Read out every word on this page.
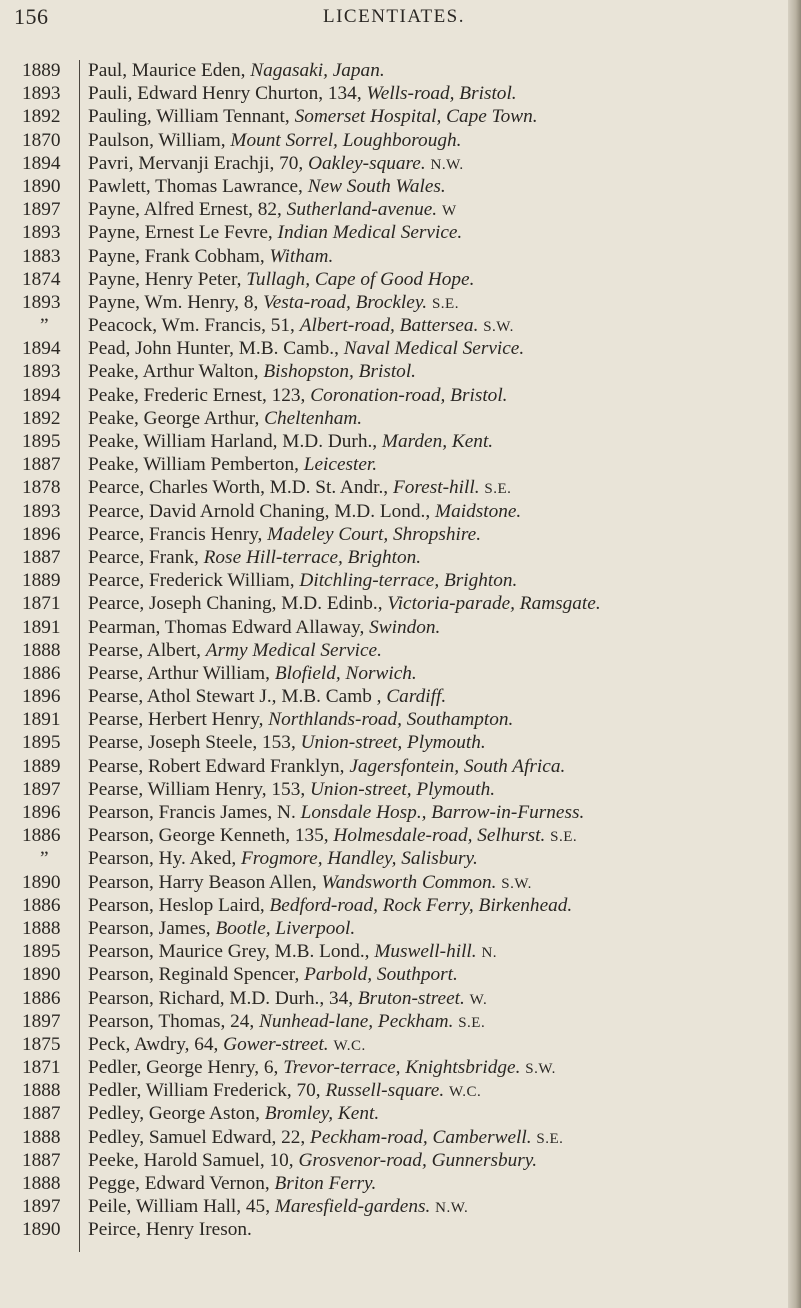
156	LICENTIATES.
1889	Paul, Maurice Eden, Nagasaki, Japan.
1893	Pauli, Edward Henry Churton, 134, Wells-road, Bristol.
1892	Pauling, William Tennant, Somerset Hospital, Cape Town.
1870	Paulson, William, Mount Sorrel, Loughborough.
1894	Pavri, Mervanji Erachji, 70, Oakley-square. N.W.
1890	Pawlett, Thomas Lawrance, New South Wales.
1897	Payne, Alfred Ernest, 82, Sutherland-avenue. W
1893	Payne, Ernest Le Fevre, Indian Medical Service.
1883	Payne, Frank Cobham, Witham.
1874	Payne, Henry Peter, Tullagh, Cape of Good Hope.
1893	Payne, Wm. Henry, 8, Vesta-road, Brockley. S.E.
”	Peacock, Wm. Francis, 51, Albert-road, Battersea. S.W.
1894	Pead, John Hunter, M.B. Camb., Naval Medical Service.
1893	Peake, Arthur Walton, Bishopston, Bristol.
1894	Peake, Frederic Ernest, 123, Coronation-road, Bristol.
1892	Peake, George Arthur, Cheltenham.
1895	Peake, William Harland, M.D. Durh., Marden, Kent.
1887	Peake, William Pemberton, Leicester.
1878	Pearce, Charles Worth, M.D. St. Andr., Forest-hill. S.E.
1893	Pearce, David Arnold Chaning, M.D. Lond., Maidstone.
1896	Pearce, Francis Henry, Madeley Court, Shropshire.
1887	Pearce, Frank, Rose Hill-terrace, Brighton.
1889	Pearce, Frederick William, Ditchling-terrace, Brighton.
1871	Pearce, Joseph Chaning, M.D. Edinb., Victoria-parade, Ramsgate.
1891	Pearman, Thomas Edward Allaway, Swindon.
1888	Pearse, Albert, Army Medical Service.
1886	Pearse, Arthur William, Blofield, Norwich.
1896	Pearse, Athol Stewart J., M.B. Camb , Cardiff.
1891	Pearse, Herbert Henry, Northlands-road, Southampton.
1895	Pearse, Joseph Steele, 153, Union-street, Plymouth.
1889	Pearse, Robert Edward Franklyn, Jagersfontein, South Africa.
1897	Pearse, William Henry, 153, Union-street, Plymouth.
1896	Pearson, Francis James, N. Lonsdale Hosp., Barrow-in-Furness.
1886	Pearson, George Kenneth, 135, Holmesdale-road, Selhurst. S.E.
”	Pearson, Hy. Aked, Frogmore, Handley, Salisbury.
1890	Pearson, Harry Beason Allen, Wandsworth Common. S.W.
1886	Pearson, Heslop Laird, Bedford-road, Rock Ferry, Birkenhead.
1888	Pearson, James, Bootle, Liverpool.
1895	Pearson, Maurice Grey, M.B. Lond., Muswell-hill. N.
1890	Pearson, Reginald Spencer, Parbold, Southport.
1886	Pearson, Richard, M.D. Durh., 34, Bruton-street. W.
1897	Pearson, Thomas, 24, Nunhead-lane, Peckham. S.E.
1875	Peck, Awdry, 64, Gower-street. W.C.
1871	Pedler, George Henry, 6, Trevor-terrace, Knightsbridge. S.W.
1888	Pedler, William Frederick, 70, Russell-square. W.C.
1887	Pedley, George Aston, Bromley, Kent.
1888	Pedley, Samuel Edward, 22, Peckham-road, Camberwell. S.E.
1887	Peeke, Harold Samuel, 10, Grosvenor-road, Gunnersbury.
1888	Pegge, Edward Vernon, Briton Ferry.
1897	Peile, William Hall, 45, Maresfield-gardens. N.W.
1890	Peirce, Henry Ireson.
